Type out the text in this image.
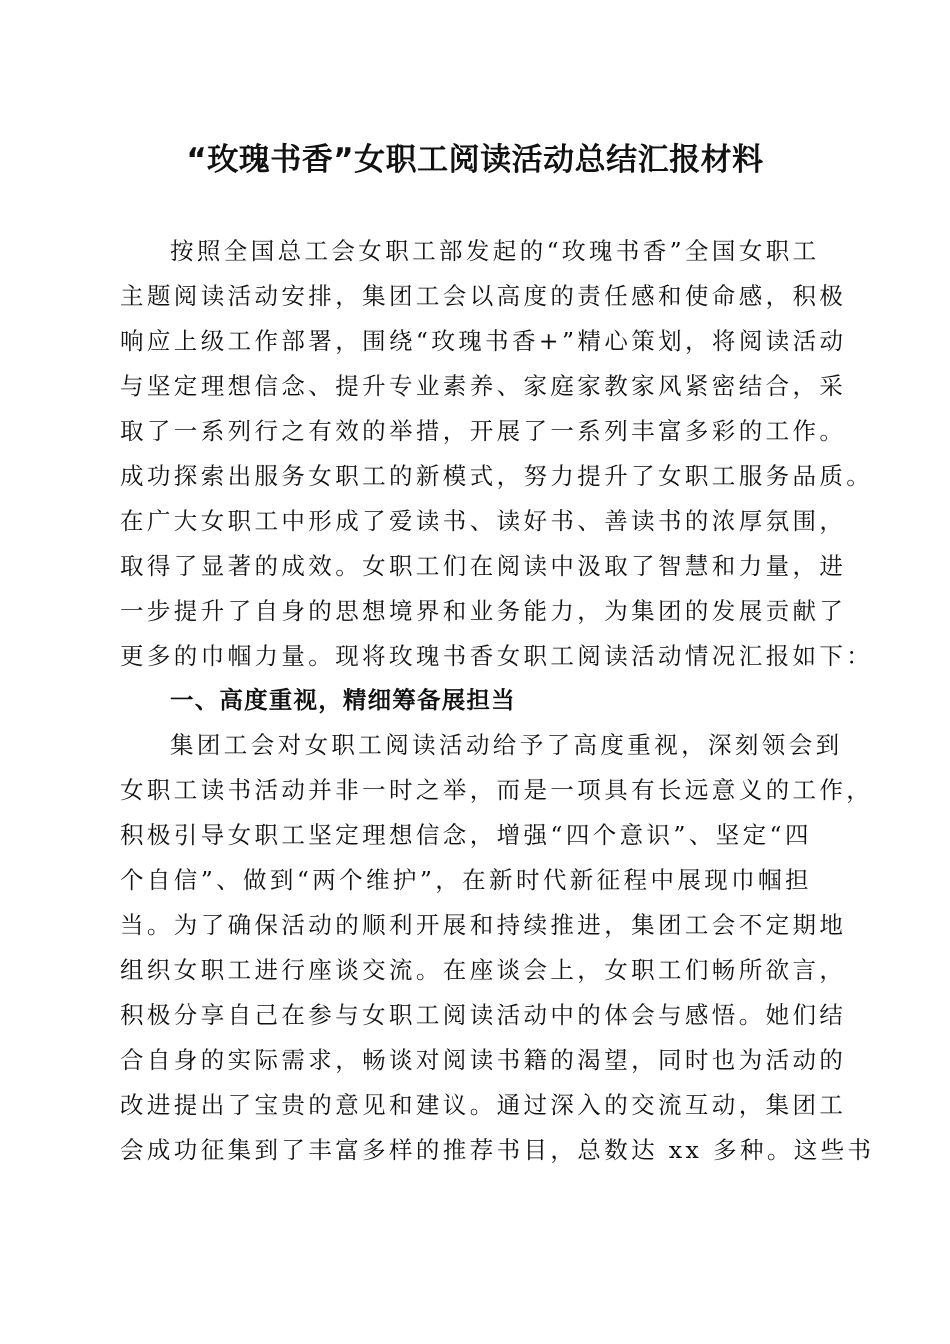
“玫瑰书香”女职工阅读活动总结汇报材料
按照全国总工会女职工部发起的“玫瑰书香”全国女职工
主题阅读活动安排，集团工会以高度的责任感和使命感，积极
响应上级工作部署，围绕“玫瑰书香+”精心策划，将阅读活动
与坚定理想信念、提升专业素养、家庭家教家风紧密结合，采
取了一系列行之有效的举措，开展了一系列丰富多彩的工作。
成功探索出服务女职工的新模式，努力提升了女职工服务品质。
在广大女职工中形成了爱读书、读好书、善读书的浓厚氛围，
取得了显著的成效。女职工们在阅读中汲取了智慧和力量，进
一步提升了自身的思想境界和业务能力，为集团的发展贡献了
更多的巾帼力量。现将玫瑰书香女职工阅读活动情况汇报如下：
一、高度重视，精细筹备展担当
集团工会对女职工阅读活动给予了高度重视，深刻领会到
女职工读书活动并非一时之举，而是一项具有长远意义的工作，
积极引导女职工坚定理想信念，增强“四个意识”、坚定“四
个自信”、做到“两个维护”，在新时代新征程中展现巾帼担
当。为了确保活动的顺利开展和持续推进，集团工会不定期地
组织女职工进行座谈交流。在座谈会上，女职工们畅所欲言，
积极分享自己在参与女职工阅读活动中的体会与感悟。她们结
合自身的实际需求，畅谈对阅读书籍的渴望，同时也为活动的
改进提出了宝贵的意见和建议。通过深入的交流互动，集团工
会成功征集到了丰富多样的推荐书目，总数达 xx 多种。这些书
